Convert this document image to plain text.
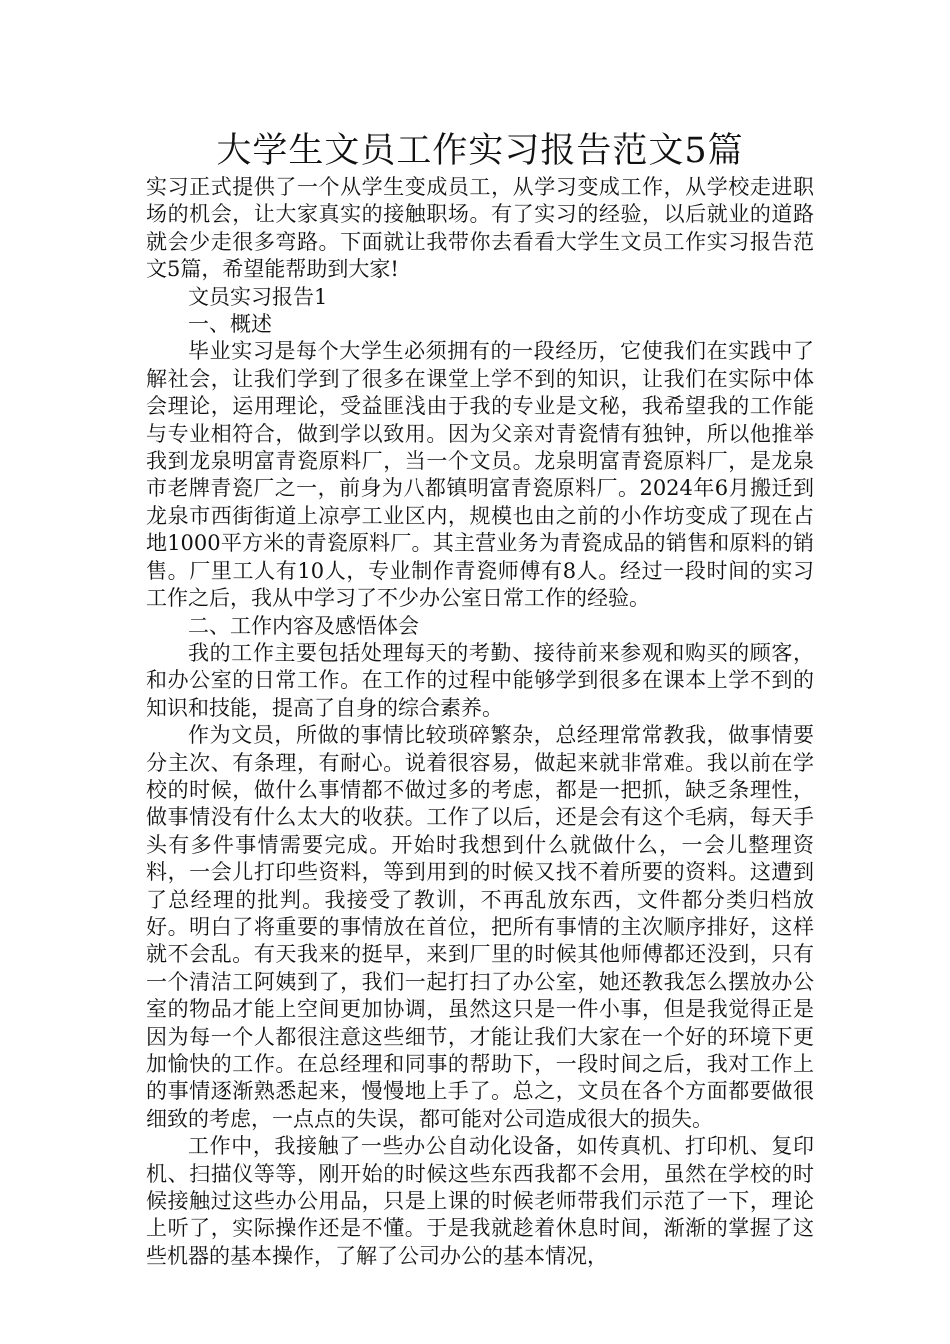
大学生文员工作实习报告范文5篇

实习正式提供了一个从学生变成员工，从学习变成工作，从学校走进职场的机会，让大家真实的接触职场。有了实习的经验，以后就业的道路就会少走很多弯路。下面就让我带你去看看大学生文员工作实习报告范文5篇，希望能帮助到大家!

文员实习报告1

一、概述

毕业实习是每个大学生必须拥有的一段经历，它使我们在实践中了解社会，让我们学到了很多在课堂上学不到的知识，让我们在实际中体会理论，运用理论，受益匪浅由于我的专业是文秘，我希望我的工作能与专业相符合，做到学以致用。因为父亲对青瓷情有独钟，所以他推举我到龙泉明富青瓷原料厂，当一个文员。龙泉明富青瓷原料厂，是龙泉市老牌青瓷厂之一，前身为八都镇明富青瓷原料厂。2024年6月搬迁到龙泉市西街街道上凉亭工业区内，规模也由之前的小作坊变成了现在占地1000平方米的青瓷原料厂。其主营业务为青瓷成品的销售和原料的销售。厂里工人有10人，专业制作青瓷师傅有8人。经过一段时间的实习工作之后，我从中学习了不少办公室日常工作的经验。

二、工作内容及感悟体会

我的工作主要包括处理每天的考勤、接待前来参观和购买的顾客，和办公室的日常工作。在工作的过程中能够学到很多在课本上学不到的知识和技能，提高了自身的综合素养。

作为文员，所做的事情比较琐碎繁杂，总经理常常教我，做事情要分主次、有条理，有耐心。说着很容易，做起来就非常难。我以前在学校的时候，做什么事情都不做过多的考虑，都是一把抓，缺乏条理性，做事情没有什么太大的收获。工作了以后，还是会有这个毛病，每天手头有多件事情需要完成。开始时我想到什么就做什么，一会儿整理资料，一会儿打印些资料，等到用到的时候又找不着所要的资料。这遭到了总经理的批判。我接受了教训，不再乱放东西，文件都分类归档放好。明白了将重要的事情放在首位，把所有事情的主次顺序排好，这样就不会乱。有天我来的挺早，来到厂里的时候其他师傅都还没到，只有一个清洁工阿姨到了，我们一起打扫了办公室，她还教我怎么摆放办公室的物品才能上空间更加协调，虽然这只是一件小事，但是我觉得正是因为每一个人都很注意这些细节，才能让我们大家在一个好的环境下更加愉快的工作。在总经理和同事的帮助下，一段时间之后，我对工作上的事情逐渐熟悉起来，慢慢地上手了。总之，文员在各个方面都要做很细致的考虑，一点点的失误，都可能对公司造成很大的损失。

工作中，我接触了一些办公自动化设备，如传真机、打印机、复印机、扫描仪等等，刚开始的时候这些东西我都不会用，虽然在学校的时候接触过这些办公用品，只是上课的时候老师带我们示范了一下，理论上听了，实际操作还是不懂。于是我就趁着休息时间，渐渐的掌握了这些机器的基本操作，了解了公司办公的基本情况，
